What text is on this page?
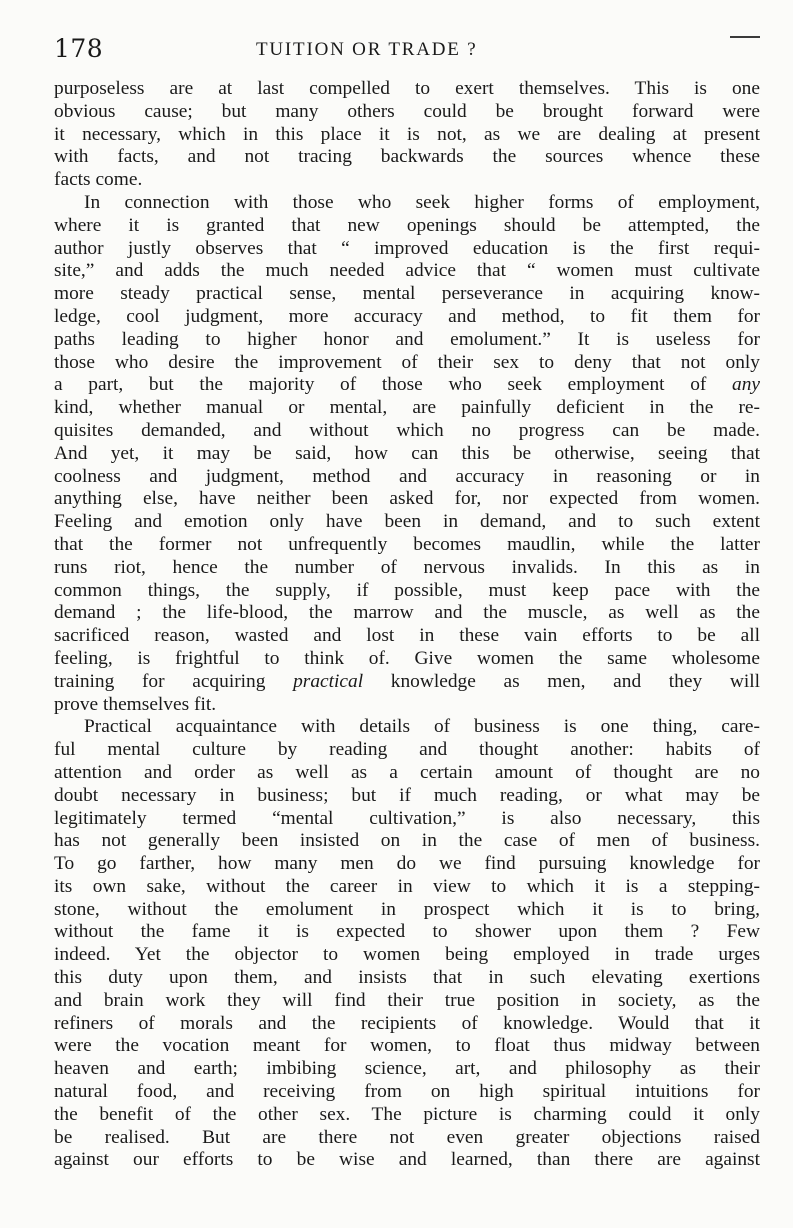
178	TUITION OR TRADE ?
purposeless are at last compelled to exert themselves. This is one
obvious cause; but many others could be brought forward were
it necessary, which in this place it is not, as we are dealing at present
with facts, and not tracing backwards the sources whence these
facts come.
In connection with those who seek higher forms of employment,
where it is granted that new openings should be attempted, the
author justly observes that “ improved education is the first requi-
site,” and adds the much needed advice that “ women must cultivate
more steady practical sense, mental perseverance in acquiring know-
ledge, cool judgment, more accuracy and method, to fit them for
paths leading to higher honor and emolument.” It is useless for
those who desire the improvement of their sex to deny that not only
a part, but the majority of those who seek employment of any
kind, whether manual or mental, are painfully deficient in the re-
quisites demanded, and without which no progress can be made.
And yet, it may be said, how can this be otherwise, seeing that
coolness and judgment, method and accuracy in reasoning or in
anything else, have neither been asked for, nor expected from women.
Feeling and emotion only have been in demand, and to such extent
that the former not unfrequently becomes maudlin, while the latter
runs riot, hence the number of nervous invalids. In this as in
common things, the supply, if possible, must keep pace with the
demand ; the life-blood, the marrow and the muscle, as well as the
sacrificed reason, wasted and lost in these vain efforts to be all
feeling, is frightful to think of. Give women the same wholesome
training for acquiring practical knowledge as men, and they will
prove themselves fit.
Practical acquaintance with details of business is one thing, care-
ful mental culture by reading and thought another: habits of
attention and order as well as a certain amount of thought are no
doubt necessary in business; but if much reading, or what may be
legitimately termed “mental cultivation,” is also necessary, this
has not generally been insisted on in the case of men of business.
To go farther, how many men do we find pursuing knowledge for
its own sake, without the career in view to which it is a stepping-
stone, without the emolument in prospect which it is to bring,
without the fame it is expected to shower upon them ? Few
indeed. Yet the objector to women being employed in trade urges
this duty upon them, and insists that in such elevating exertions
and brain work they will find their true position in society, as the
refiners of morals and the recipients of knowledge. Would that it
were the vocation meant for women, to float thus midway between
heaven and earth; imbibing science, art, and philosophy as their
natural food, and receiving from on high spiritual intuitions for
the benefit of the other sex. The picture is charming could it only
be realised. But are there not even greater objections raised
against our efforts to be wise and learned, than there are against
